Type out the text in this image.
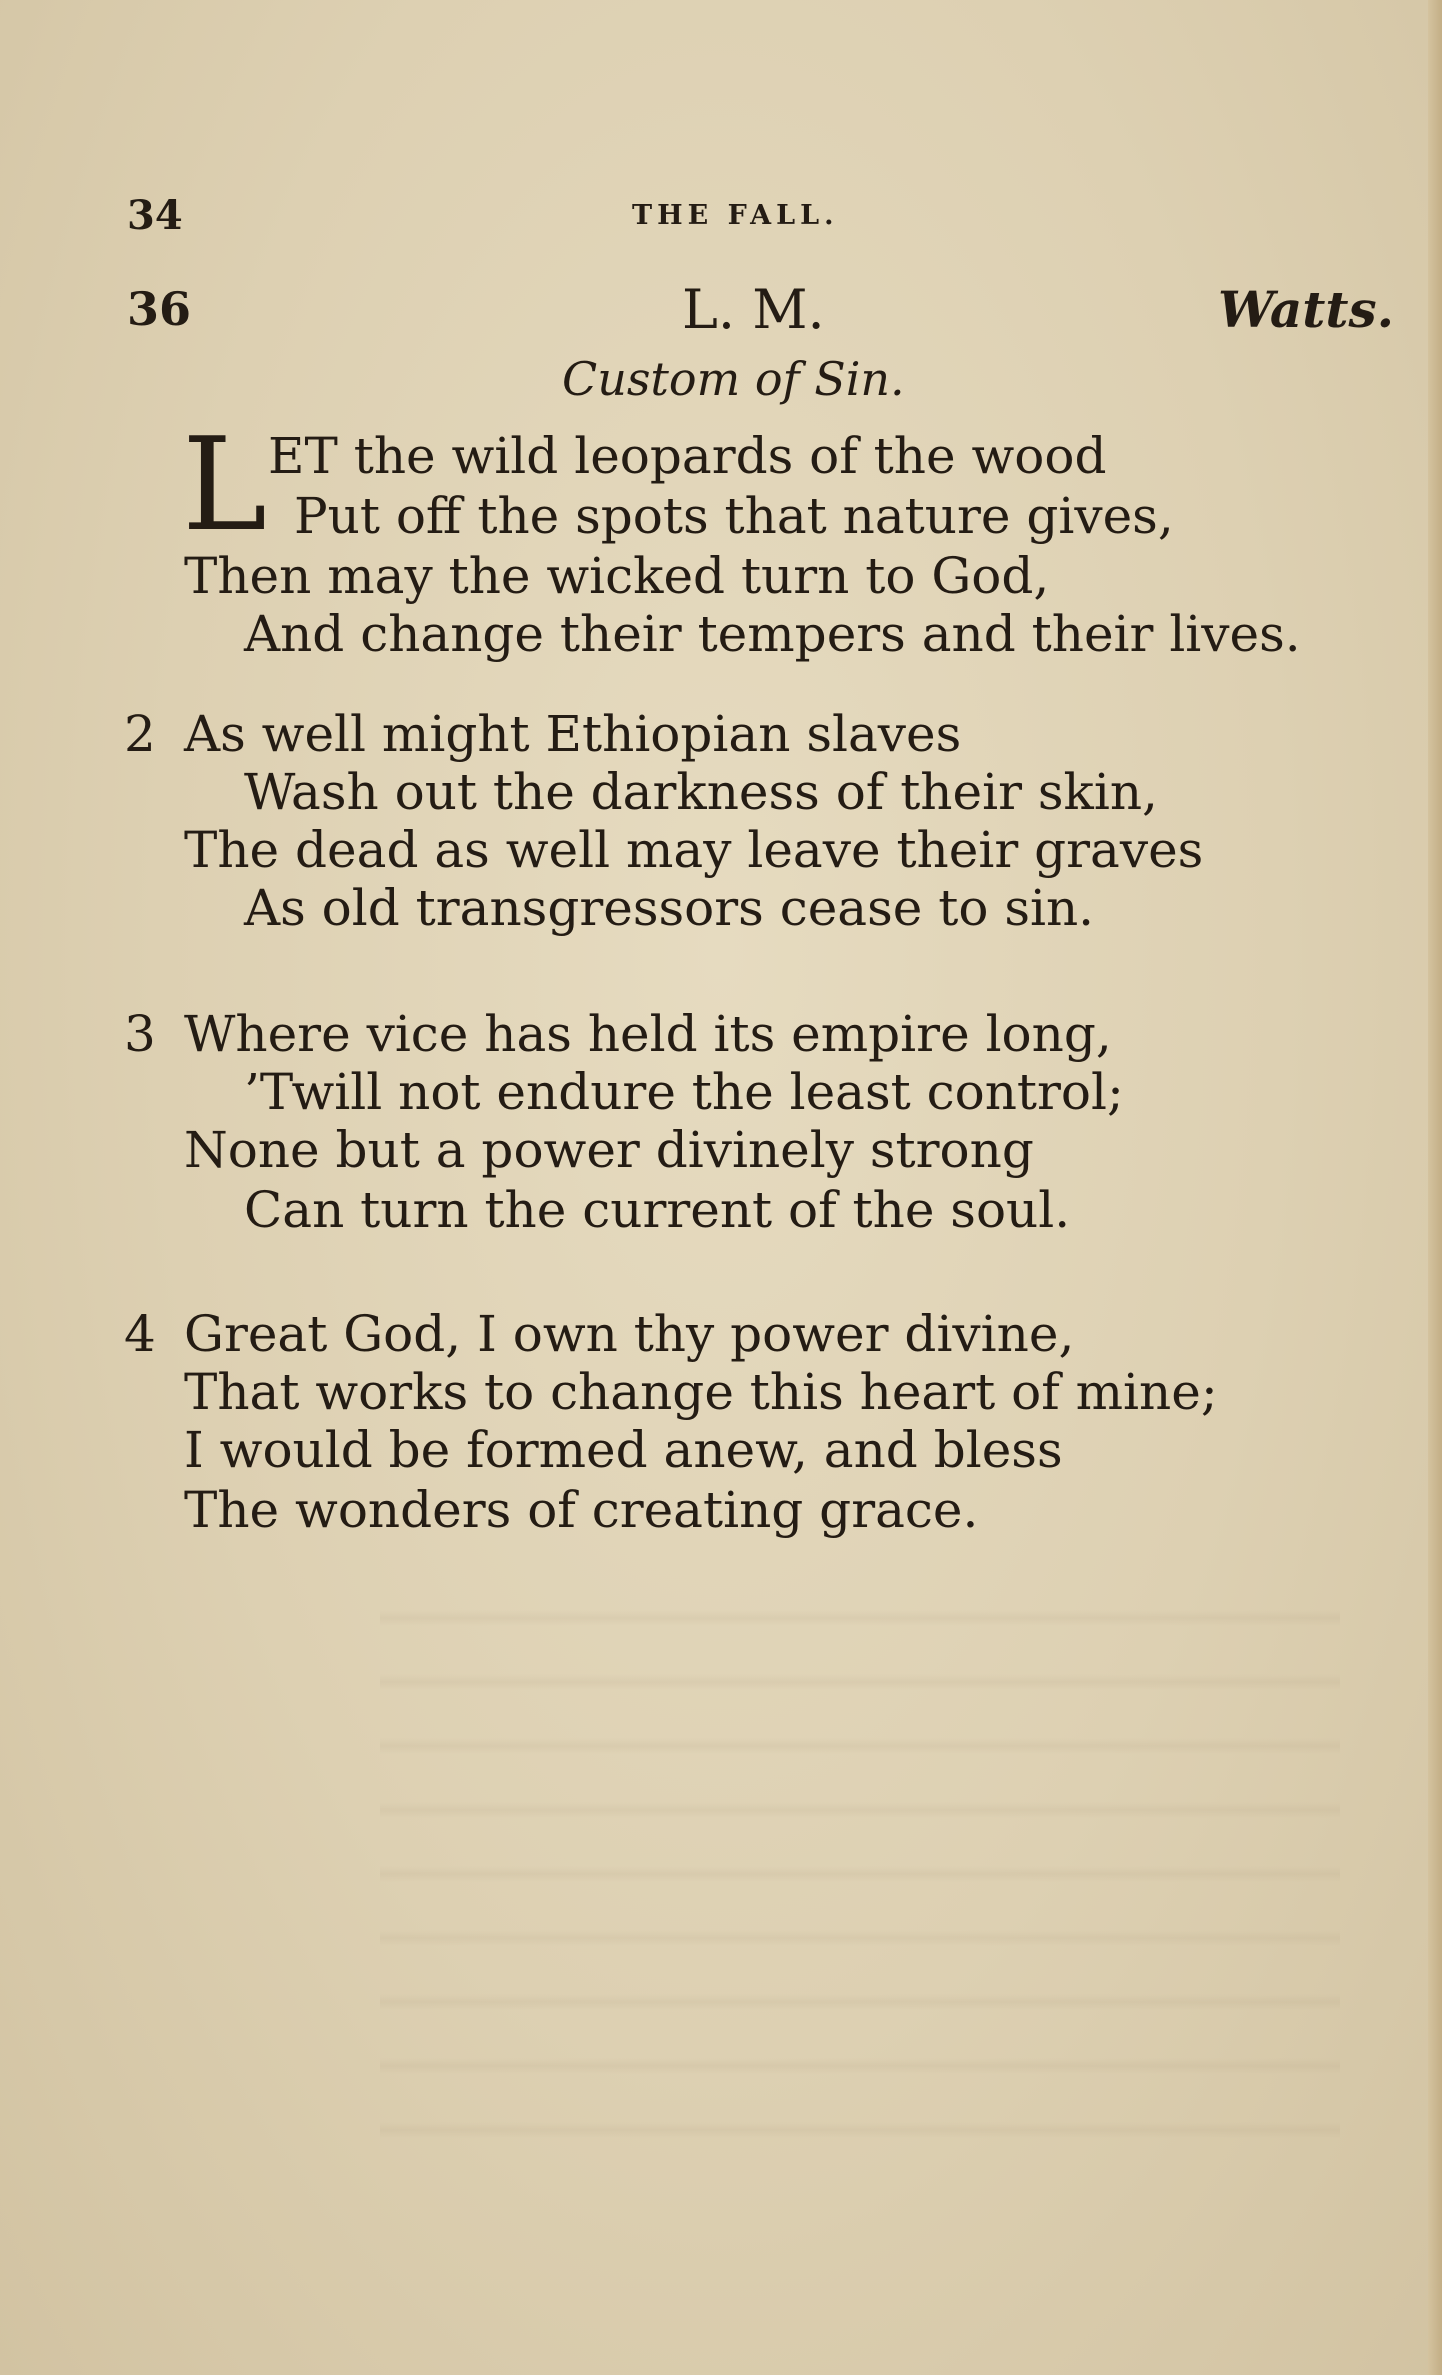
34	THE FALL.
36	L. M.	Watts.
Custom of Sin.
L ET the wild leopards of the wood
Put off the spots that nature gives,
Then may the wicked turn to God,
And change their tempers and their lives.
2 As well might Ethiopian slaves
Wash out the darkness of their skin,
The dead as well may leave their graves
As old transgressors cease to sin.
3 Where vice has held its empire long,
’Twill not endure the least control;
None but a power divinely strong
Can turn the current of the soul.
4 Great God, I own thy power divine,
That works to change this heart of mine;
I would be formed anew, and bless
The wonders of creating grace.
